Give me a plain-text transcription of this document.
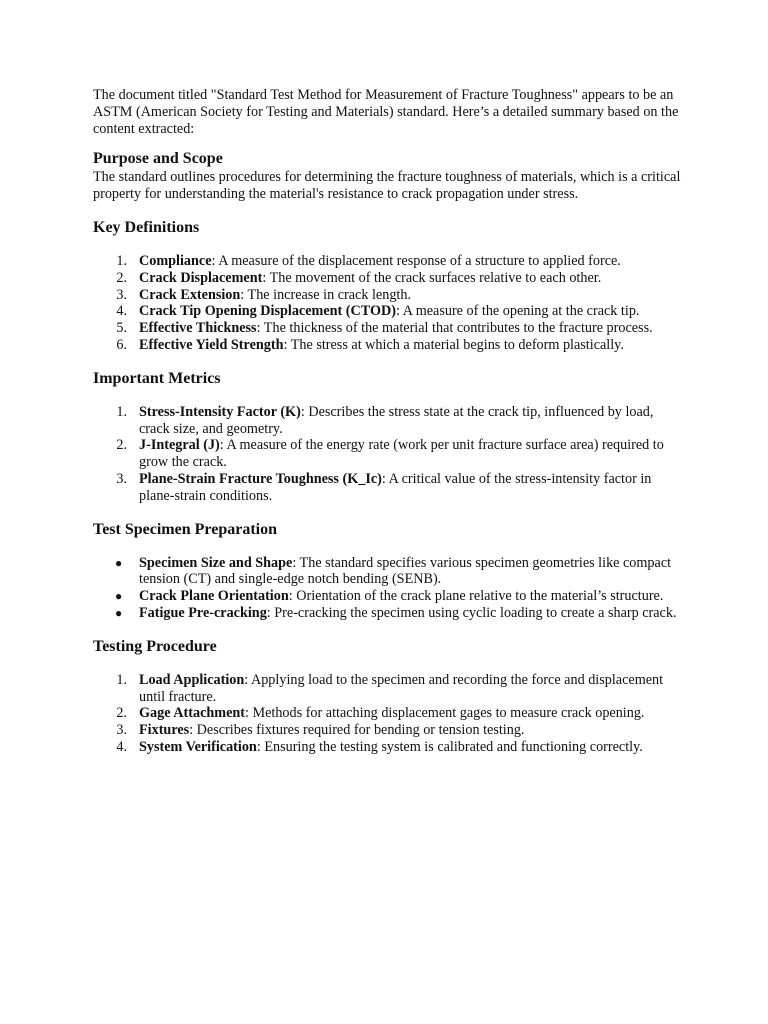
The document titled "Standard Test Method for Measurement of Fracture Toughness" appears to be an ASTM (American Society for Testing and Materials) standard. Here’s a detailed summary based on the content extracted:

Purpose and Scope

The standard outlines procedures for determining the fracture toughness of materials, which is a critical property for understanding the material's resistance to crack propagation under stress.

Key Definitions
1. Compliance: A measure of the displacement response of a structure to applied force.
2. Crack Displacement: The movement of the crack surfaces relative to each other.
3. Crack Extension: The increase in crack length.
4. Crack Tip Opening Displacement (CTOD): A measure of the opening at the crack tip.
5. Effective Thickness: The thickness of the material that contributes to the fracture process.
6. Effective Yield Strength: The stress at which a material begins to deform plastically.
Important Metrics
1. Stress-Intensity Factor (K): Describes the stress state at the crack tip, influenced by load, crack size, and geometry.
2. J-Integral (J): A measure of the energy rate (work per unit fracture surface area) required to grow the crack.
3. Plane-Strain Fracture Toughness (K_Ic): A critical value of the stress-intensity factor in plane-strain conditions.
Test Specimen Preparation
● Specimen Size and Shape: The standard specifies various specimen geometries like compact tension (CT) and single-edge notch bending (SENB).
● Crack Plane Orientation: Orientation of the crack plane relative to the material’s structure.
● Fatigue Pre-cracking: Pre-cracking the specimen using cyclic loading to create a sharp crack.
Testing Procedure
1. Load Application: Applying load to the specimen and recording the force and displacement until fracture.
2. Gage Attachment: Methods for attaching displacement gages to measure crack opening.
3. Fixtures: Describes fixtures required for bending or tension testing.
4. System Verification: Ensuring the testing system is calibrated and functioning correctly.
